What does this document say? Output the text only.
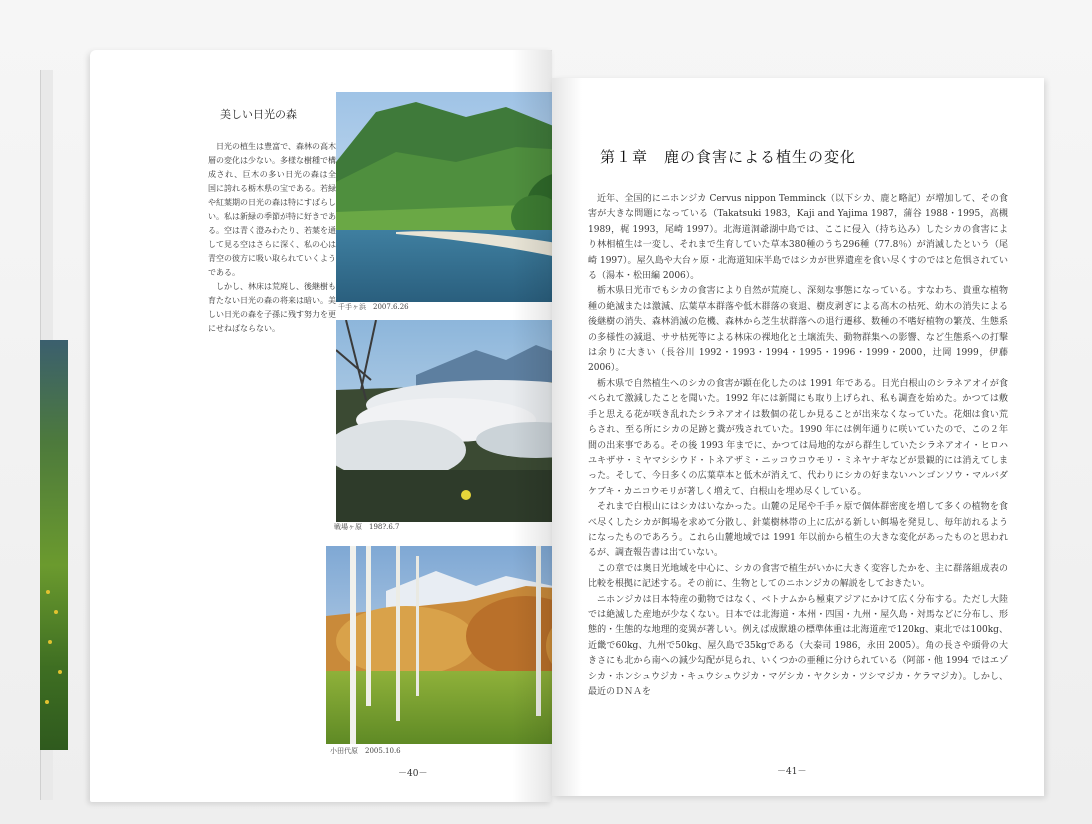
美しい日光の森

日光の植生は豊富で、森林の高木層の変化は少ない。多様な樹種で構成され、巨木の多い日光の森は全国に誇れる栃木県の宝である。若緑や紅葉期の日光の森は特にすばらしい。私は新緑の季節が特に好きである。空は青く澄みわたり、若葉を通して見る空はさらに深く、私の心は青空の彼方に吸い取られていくようである。

しかし、林床は荒廃し、後継樹も育たない日光の森の将来は暗い。美しい日光の森を子孫に残す努力を更にせねばならない。

千手ヶ浜　2007.6.26
戦場ヶ原　198?.6.7
小田代原　2005.10.6
－40－
第１章　鹿の食害による植生の変化

近年、全国的にニホンジカ Cervus nippon Temminck（以下シカ、鹿と略記）が増加して、その食害が大きな問題になっている（Takatsuki 1983，Kaji and Yajima 1987，蒲谷 1988・1995，高槻 1989，梶 1993，尾崎 1997）。北海道洞爺湖中島では、ここに侵入（持ち込み）したシカの食害により林相植生は一変し、それまで生育していた草本380種のうち296種（77.8％）が消滅したという（尾崎 1997）。屋久島や大台ヶ原・北海道知床半島ではシカが世界遺産を食い尽くすのではと危惧されている（湯本・松田編 2006）。

栃木県日光市でもシカの食害により自然が荒廃し、深刻な事態になっている。すなわち、貴重な植物種の絶滅または激減、広葉草本群落や低木群落の衰退、樹皮剥ぎによる高木の枯死、幼木の消失による後継樹の消失、森林消滅の危機、森林から芝生状群落への退行遷移、数種の不嗜好植物の繁茂、生態系の多様性の減退、ササ枯死等による林床の裸地化と土壌流失、動物群集への影響、など生態系への打撃は余りに大きい（長谷川 1992・1993・1994・1995・1996・1999・2000，辻岡 1999，伊藤 2006）。

栃木県で自然植生へのシカの食害が顕在化したのは 1991 年である。日光白根山のシラネアオイが食べられて激減したことを聞いた。1992 年には新聞にも取り上げられ、私も調査を始めた。かつては敷手と思える花が咲き乱れたシラネアオイは数個の花しか見ることが出来なくなっていた。花畑は食い荒らされ、至る所にシカの足跡と糞が残されていた。1990 年には例年通りに咲いていたので、この２年間の出来事である。その後 1993 年までに、かつては局地的ながら群生していたシラネアオイ・ヒロハユキザサ・ミヤマシシウド・トネアザミ・ニッコウコウモリ・ミネヤナギなどが景観的には消えてしまった。そして、今日多くの広葉草本と低木が消えて、代わりにシカの好まないハンゴンソウ・マルバダケブキ・カニコウモリが著しく増えて、白根山を埋め尽くしている。

それまで白根山にはシカはいなかった。山麓の足尾や千手ヶ原で個体群密度を増して多くの植物を食べ尽くしたシカが餌場を求めて分散し、針葉樹林帯の上に広がる新しい餌場を発見し、毎年訪れるようになったものであろう。これら山麓地域では 1991 年以前から植生の大きな変化があったものと思われるが、調査報告書は出ていない。

この章では奥日光地域を中心に、シカの食害で植生がいかに大きく変容したかを、主に群落組成表の比較を根拠に記述する。その前に、生物としてのニホンジカの解説をしておきたい。

ニホンジカは日本特産の動物ではなく、ベトナムから極東アジアにかけて広く分布する。ただし大陸では絶滅した産地が少なくない。日本では北海道・本州・四国・九州・屋久島・対馬などに分布し、形態的・生態的な地理的変異が著しい。例えば成獣雄の標準体重は北海道産で120kg、東北では100kg、近畿で60kg、九州で50kg、屋久島で35kgである（大泰司 1986，永田 2005）。角の長さや頭骨の大きさにも北から南への減少勾配が見られ、いくつかの亜種に分けられている（阿部・他 1994 ではエゾシカ・ホンシュウジカ・キュウシュウジカ・マゲシカ・ヤクシカ・ツシマジカ・ケラマジカ）。しかし、最近のＤＮＡを

－41－
